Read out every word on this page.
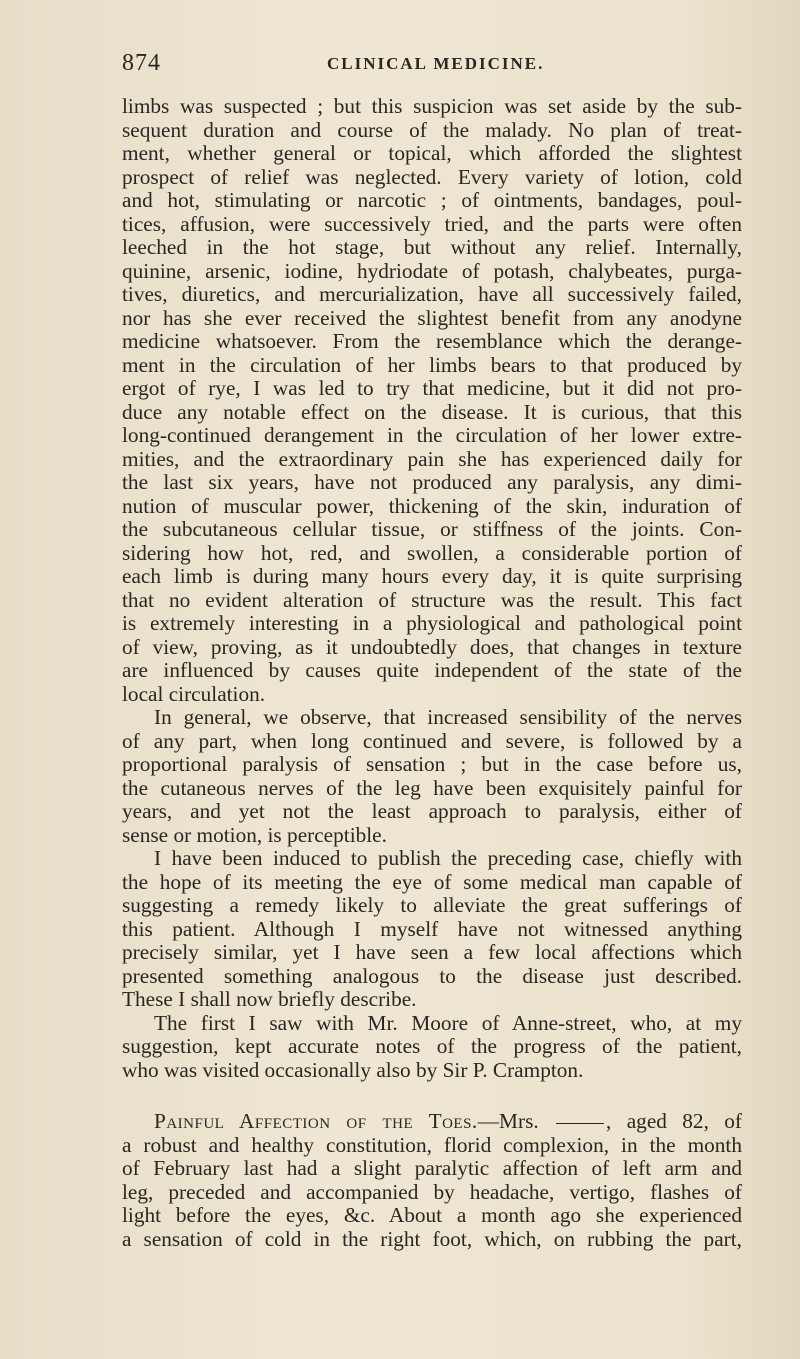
874	CLINICAL MEDICINE.
limbs was suspected ; but this suspicion was set aside by the sub-
sequent duration and course of the malady. No plan of treat-
ment, whether general or topical, which afforded the slightest
prospect of relief was neglected. Every variety of lotion, cold
and hot, stimulating or narcotic ; of ointments, bandages, poul-
tices, affusion, were successively tried, and the parts were often
leeched in the hot stage, but without any relief. Internally,
quinine, arsenic, iodine, hydriodate of potash, chalybeates, purga-
tives, diuretics, and mercurialization, have all successively failed,
nor has she ever received the slightest benefit from any anodyne
medicine whatsoever. From the resemblance which the derange-
ment in the circulation of her limbs bears to that produced by
ergot of rye, I was led to try that medicine, but it did not pro-
duce any notable effect on the disease. It is curious, that this
long-continued derangement in the circulation of her lower extre-
mities, and the extraordinary pain she has experienced daily for
the last six years, have not produced any paralysis, any dimi-
nution of muscular power, thickening of the skin, induration of
the subcutaneous cellular tissue, or stiffness of the joints. Con-
sidering how hot, red, and swollen, a considerable portion of
each limb is during many hours every day, it is quite surprising
that no evident alteration of structure was the result. This fact
is extremely interesting in a physiological and pathological point
of view, proving, as it undoubtedly does, that changes in texture
are influenced by causes quite independent of the state of the
local circulation.
In general, we observe, that increased sensibility of the nerves
of any part, when long continued and severe, is followed by a
proportional paralysis of sensation ; but in the case before us,
the cutaneous nerves of the leg have been exquisitely painful for
years, and yet not the least approach to paralysis, either of
sense or motion, is perceptible.
I have been induced to publish the preceding case, chiefly with
the hope of its meeting the eye of some medical man capable of
suggesting a remedy likely to alleviate the great sufferings of
this patient. Although I myself have not witnessed anything
precisely similar, yet I have seen a few local affections which
presented something analogous to the disease just described.
These I shall now briefly describe.
The first I saw with Mr. Moore of Anne-street, who, at my
suggestion, kept accurate notes of the progress of the patient,
who was visited occasionally also by Sir P. Crampton.
Painful Affection of the Toes.—Mrs.	, aged 82, of
a robust and healthy constitution, florid complexion, in the month
of February last had a slight paralytic affection of left arm and
leg, preceded and accompanied by headache, vertigo, flashes of
light before the eyes, &c. About a month ago she experienced
a sensation of cold in the right foot, which, on rubbing the part,
